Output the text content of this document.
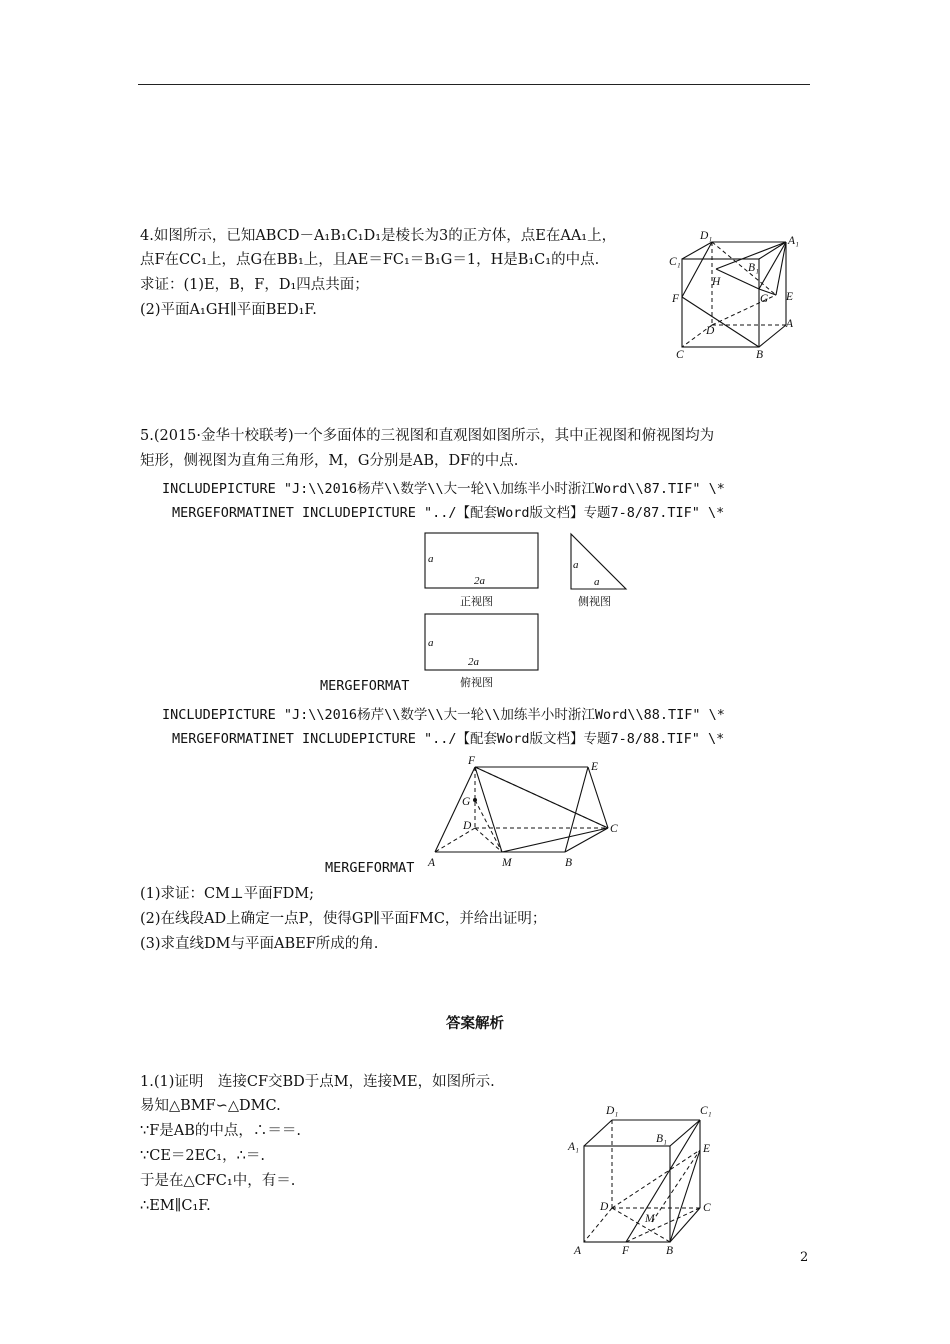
4.如图所示，已知ABCD－A₁B₁C₁D₁是棱长为3的正方体，点E在AA₁上，
点F在CC₁上，点G在BB₁上，且AE＝FC₁＝B₁G＝1，H是B₁C₁的中点.
求证：(1)E，B，F，D₁四点共面；
(2)平面A₁GH∥平面BED₁F.
D₁	A₁
C₁	B₁
H
G E
F
D
A
C	B
5.(2015·金华十校联考)一个多面体的三视图和直观图如图所示，其中正视图和俯视图均为
矩形，侧视图为直角三角形，M，G分别是AB，DF的中点.
INCLUDEPICTURE "J:\\2016杨芹\\数学\\大一轮\\加练半小时浙江Word\\87.TIF" \*
MERGEFORMATINET INCLUDEPICTURE "../【配套Word版文档】专题7-8/87.TIF" \*
a
2a
a
a
a
2a
正视图	侧视图
俯视图
MERGEFORMAT
INCLUDEPICTURE "J:\\2016杨芹\\数学\\大一轮\\加练半小时浙江Word\\88.TIF" \*
MERGEFORMATINET INCLUDEPICTURE "../【配套Word版文档】专题7-8/88.TIF" \*
F	E
G
D	C
A	M	B
MERGEFORMAT
(1)求证：CM⊥平面FDM;
(2)在线段AD上确定一点P，使得GP∥平面FMC，并给出证明；
(3)求直线DM与平面ABEF所成的角.
答案解析
1.(1)证明　连接CF交BD于点M，连接ME，如图所示.
易知△BMF∽△DMC.
∵F是AB的中点，∴＝＝.
∵CE＝2EC₁，∴＝.
于是在△CFC₁中，有＝.
∴EM∥C₁F.
D₁	C₁
A₁
B₁
E
D	C
M
A	F	B	2
